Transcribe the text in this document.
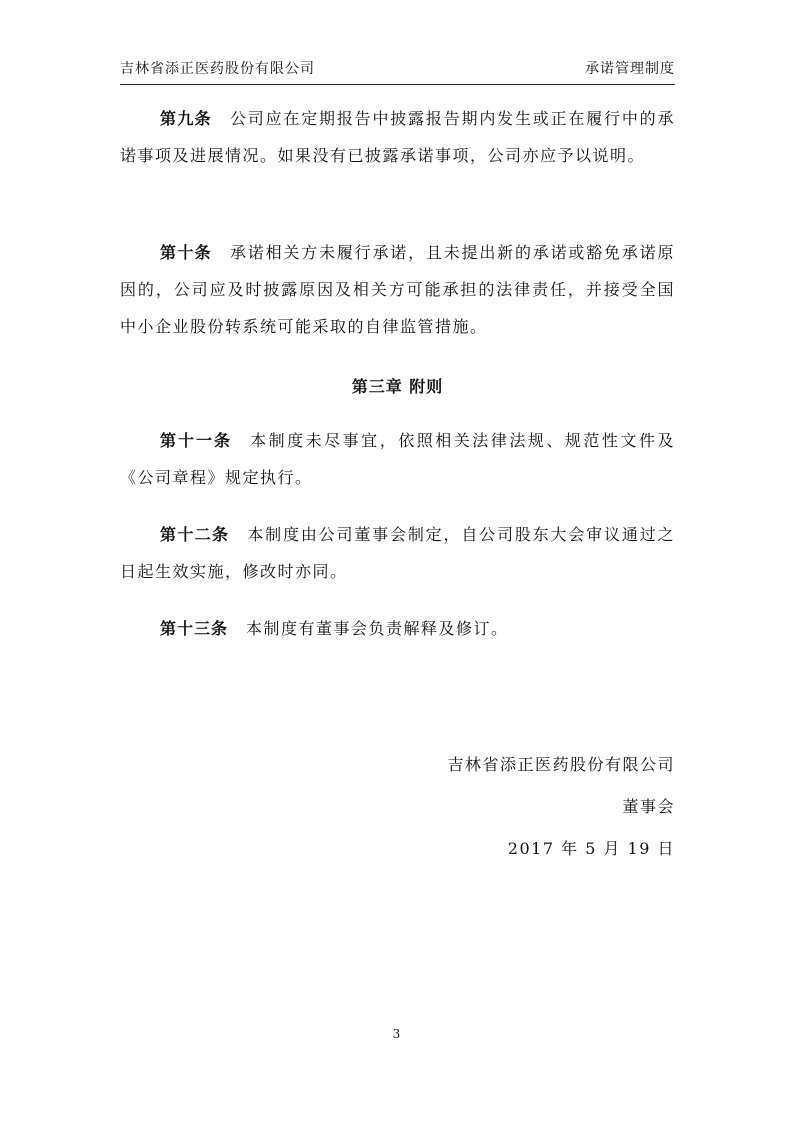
吉林省添正医药股份有限公司	承诺管理制度

第九条 公司应在定期报告中披露报告期内发生或正在履行中的承诺事项及进展情况。如果没有已披露承诺事项，公司亦应予以说明。

第十条 承诺相关方未履行承诺，且未提出新的承诺或豁免承诺原因的，公司应及时披露原因及相关方可能承担的法律责任，并接受全国中小企业股份转系统可能采取的自律监管措施。

第三章 附则

第十一条 本制度未尽事宜，依照相关法律法规、规范性文件及《公司章程》规定执行。

第十二条 本制度由公司董事会制定，自公司股东大会审议通过之日起生效实施，修改时亦同。

第十三条 本制度有董事会负责解释及修订。

吉林省添正医药股份有限公司
董事会
2017 年 5 月 19 日
3
